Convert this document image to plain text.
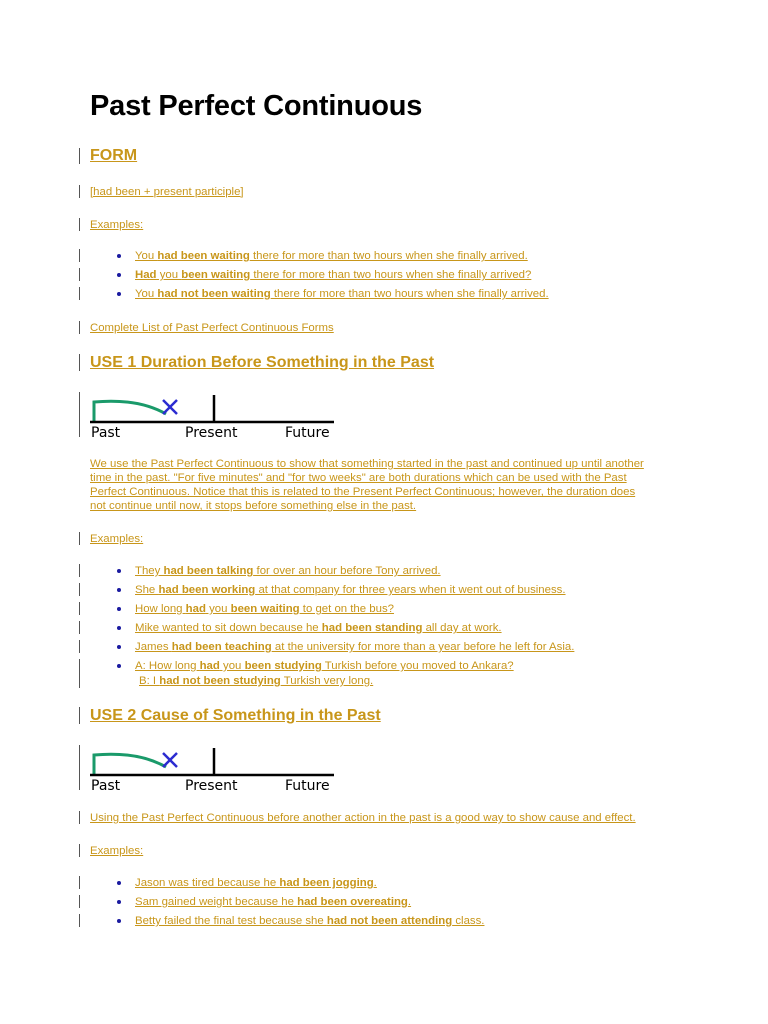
Past Perfect Continuous
FORM
[had been + present participle]
Examples:
You had been waiting there for more than two hours when she finally arrived.
Had you been waiting there for more than two hours when she finally arrived?
You had not been waiting there for more than two hours when she finally arrived.
Complete List of Past Perfect Continuous Forms
USE 1 Duration Before Something in the Past
Past	Present	Future
We use the Past Perfect Continuous to show that something started in the past and continued up until another
time in the past. "For five minutes" and "for two weeks" are both durations which can be used with the Past
Perfect Continuous. Notice that this is related to the Present Perfect Continuous; however, the duration does
not continue until now, it stops before something else in the past.
Examples:
They had been talking for over an hour before Tony arrived.
She had been working at that company for three years when it went out of business.
How long had you been waiting to get on the bus?
Mike wanted to sit down because he had been standing all day at work.
James had been teaching at the university for more than a year before he left for Asia.
A: How long had you been studying Turkish before you moved to Ankara?
B: I had not been studying Turkish very long.
USE 2 Cause of Something in the Past
Past	Present	Future
Using the Past Perfect Continuous before another action in the past is a good way to show cause and effect.
Examples:
Jason was tired because he had been jogging.
Sam gained weight because he had been overeating.
Betty failed the final test because she had not been attending class.
